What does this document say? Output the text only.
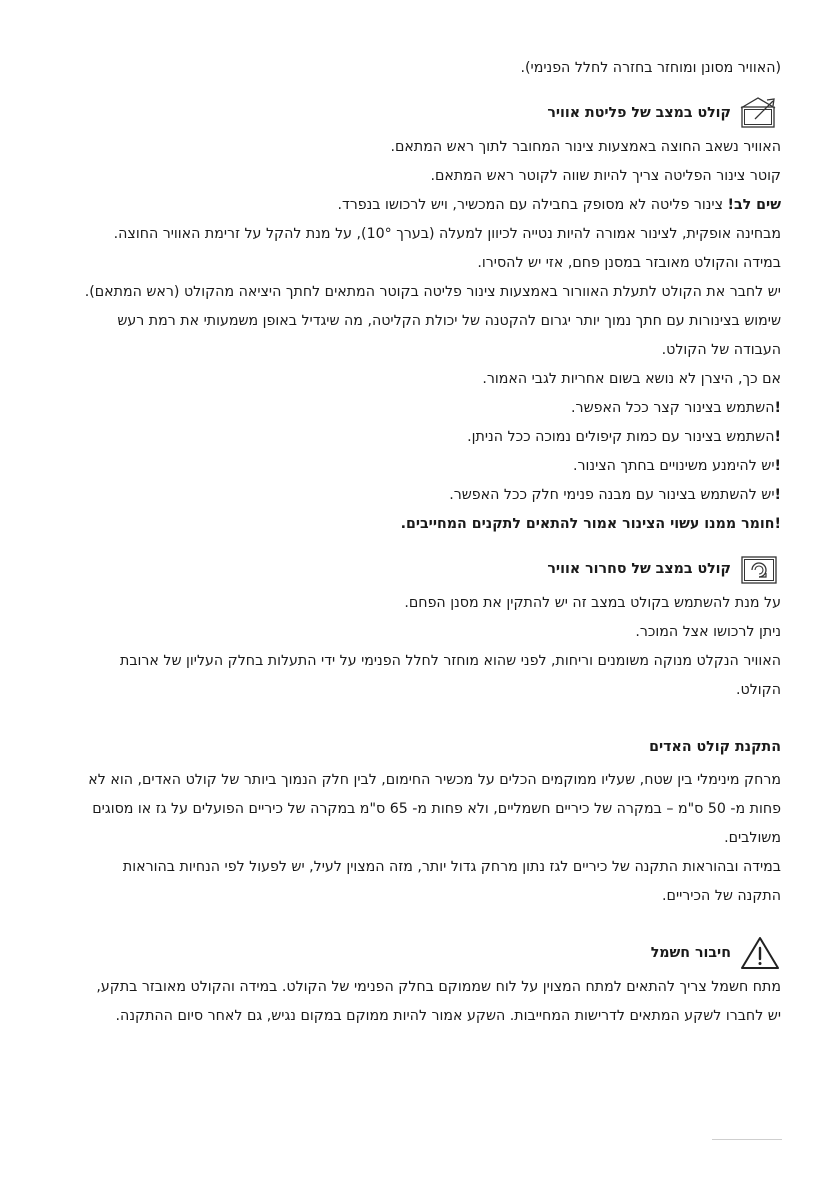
(האוויר מסונן ומוחזר בחזרה לחלל הפנימי).

קולט במצב של פליטת אוויר

האוויר נשאב החוצה באמצעות צינור המחובר לתוך ראש המתאם.

קוטר צינור הפליטה צריך להיות שווה לקוטר ראש המתאם.

שים לב! צינור פליטה לא מסופק בחבילה עם המכשיר, ויש לרכושו בנפרד.

מבחינה אופקית, לצינור אמורה להיות נטייה לכיוון למעלה (בערך 10°), על מנת להקל על זרימת האוויר החוצה.

במידה והקולט מאובזר במסנן פחם, אזי יש להסירו.

יש לחבר את הקולט לתעלת האוורור באמצעות צינור פליטה בקוטר המתאים לחתך היציאה מהקולט (ראש המתאם).

שימוש בצינורות עם חתך נמוך יותר יגרום להקטנה של יכולת הקליטה, מה שיגדיל באופן משמעותי את רמת רעש העבודה של הקולט.

אם כך, היצרן לא נושא בשום אחריות לגבי האמור.

!השתמש בצינור קצר ככל האפשר.

!השתמש בצינור עם כמות קיפולים נמוכה ככל הניתן.

!יש להימנע משינויים בחתך הצינור.

!יש להשתמש בצינור עם מבנה פנימי חלק ככל האפשר.

!חומר ממנו עשוי הצינור אמור להתאים לתקנים המחייבים.

קולט במצב של סחרור אוויר

על מנת להשתמש בקולט במצב זה יש להתקין את מסנן הפחם.

ניתן לרכושו אצל המוכר.

האוויר הנקלט מנוקה משומנים וריחות, לפני שהוא מוחזר לחלל הפנימי על ידי התעלות בחלק העליון של ארובת הקולט.

התקנת קולט האדים

מרחק מינימלי בין שטח, שעליו ממוקמים הכלים על מכשיר החימום, לבין חלק הנמוך ביותר של קולט האדים, הוא לא פחות מ- 50 ס"מ – במקרה של כיריים חשמליים, ולא פחות מ- 65 ס"מ במקרה של כיריים הפועלים על גז או מסוגים משולבים.

במידה ובהוראות התקנה של כיריים לגז נתון מרחק גדול יותר, מזה המצוין לעיל, יש לפעול לפי הנחיות בהוראות התקנה של הכיריים.

חיבור חשמל

מתח חשמל צריך להתאים למתח המצוין על לוח שממוקם בחלק הפנימי של הקולט. במידה והקולט מאובזר בתקע, יש לחברו לשקע המתאים לדרישות המחייבות. השקע אמור להיות ממוקם במקום נגיש, גם לאחר סיום ההתקנה.
